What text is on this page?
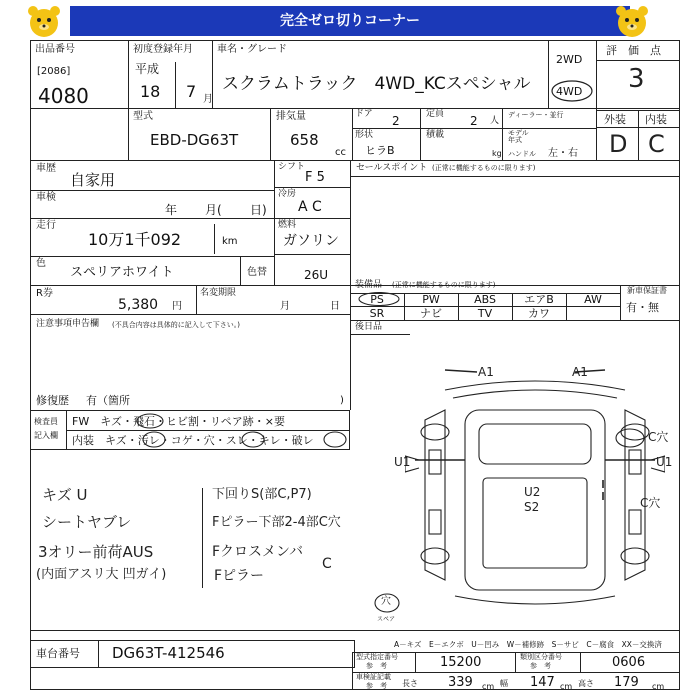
完全ゼロ切りコーナー
出品番号
[2086]
4080
初度登録年月
平成
18 7 月
車名・グレード
スクラムトラック　4WD_KCスペシャル
2WD
4WD
評　価　点
3
外装 内装
D C
型式
EBD-DG63T
排気量
658
cc
ドア 2	定員 2 人
形状
ヒラB
積載
kg
ディーラー・並行
モデル
年式
ハンドル 左・右
車歴
自家用
シフト
F 5
冷房
A C
燃料
ガソリン
車検
年 月( 日)
走行
10万1千092	km
色
スペリアホワイト	色替	26U
セールスポイント (正常に機能するものに限ります)
R券
5,380 円
名変期限
月	日
装備品 (正常に機能するものに限ります)
PS	PW	ABS	エアB	AW
SR	ナビ	TV	カワ
新車保証書
有・無
後日品
注意事項申告欄 (不具合内容は具体的に記入して下さい。)
修復歴 有（箇所	)
検査員
記入欄
FW　キズ・飛石・ヒビ割・リペア跡・×要
内装　キズ・汚レ・コゲ・穴・スレ・キレ・破レ
キズ U
シートヤブレ
3オリー前荷AUS
(内面アスリ大 凹ガイ)
下回りS(部C,P7)
Fピラー下部2-4部C穴
Fクロスメンバ
C
Fピラー
A1	A1
U1	U1
C穴
C穴
U2
S2
穴
スペア
A－キズ　E－エクボ　U－凹み　W－補修跡　S－サビ　C－腐食　XX－交換済
車台番号 DG63T-412546	型式指定番号
参　考	15200	類別区分番号
参　考	0606
車検証記載
参　考 長さ 339 cm 幅 147 cm 高さ 179 cm
